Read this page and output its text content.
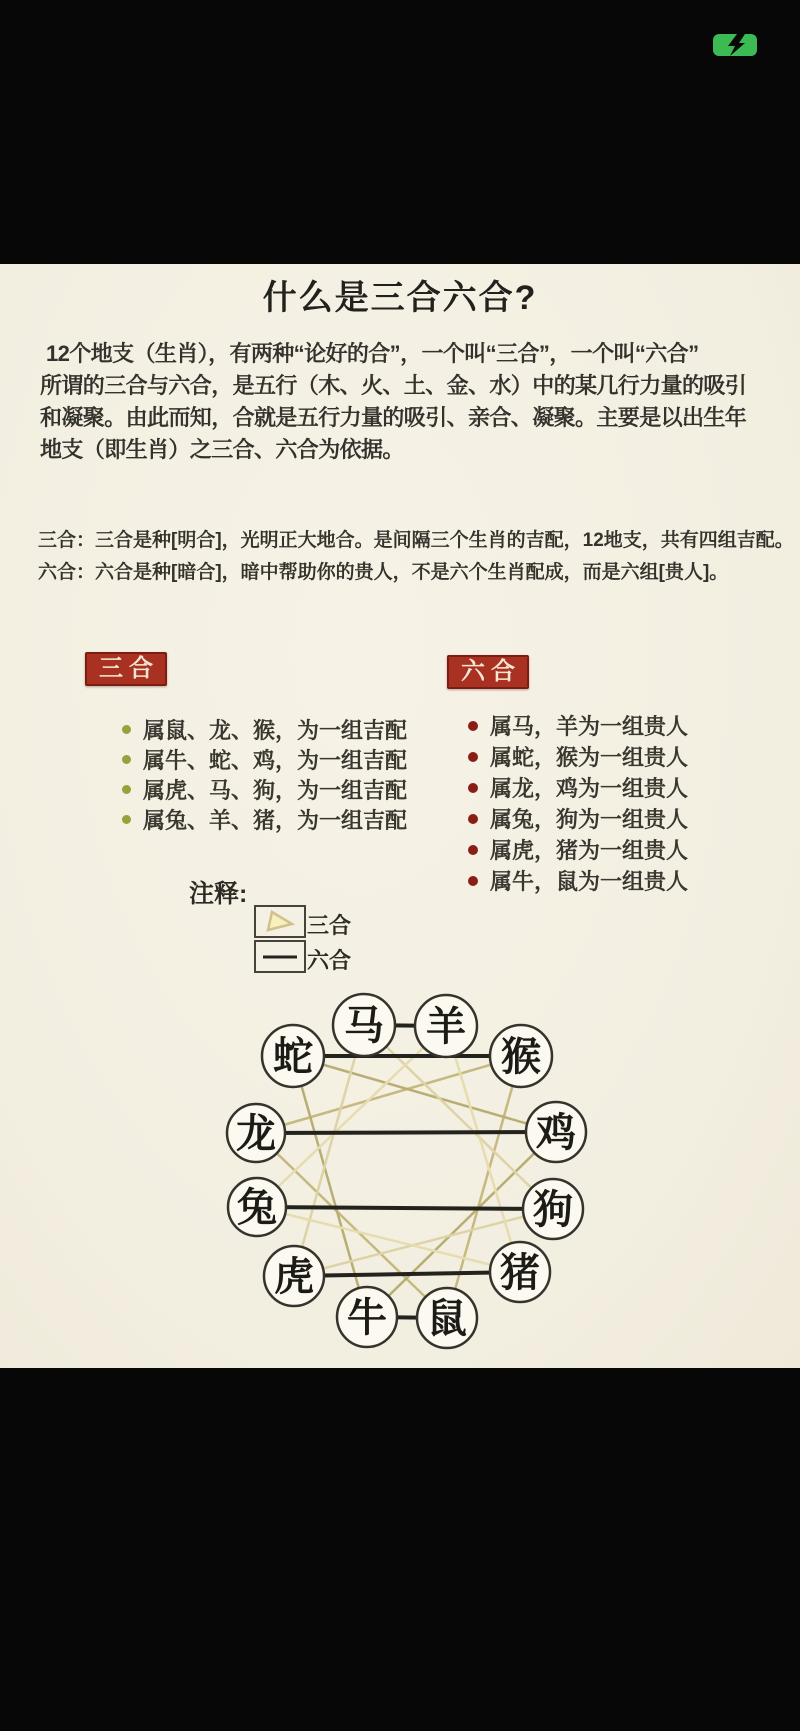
什么是三合六合?
12个地支（生肖），有两种“论好的合”，一个叫“三合”，一个叫“六合”
所谓的三合与六合，是五行（木、火、土、金、水）中的某几行力量的吸引
和凝聚。由此而知，合就是五行力量的吸引、亲合、凝聚。主要是以出生年
地支（即生肖）之三合、六合为依据。
三合：三合是种[明合]，光明正大地合。是间隔三个生肖的吉配，12地支，共有四组吉配。
六合：六合是种[暗合]，暗中帮助你的贵人，不是六个生肖配成，而是六组[贵人]。
三合
属鼠、龙、猴，为一组吉配
属牛、蛇、鸡，为一组吉配
属虎、马、狗，为一组吉配
属兔、羊、猪，为一组吉配
六合
属马，羊为一组贵人
属蛇，猴为一组贵人
属龙，鸡为一组贵人
属兔，狗为一组贵人
属虎，猪为一组贵人
属牛，鼠为一组贵人
注释:
三合
六合
马 羊
蛇	猴
龙	鸡
兔	狗
虎	猪
牛 鼠
